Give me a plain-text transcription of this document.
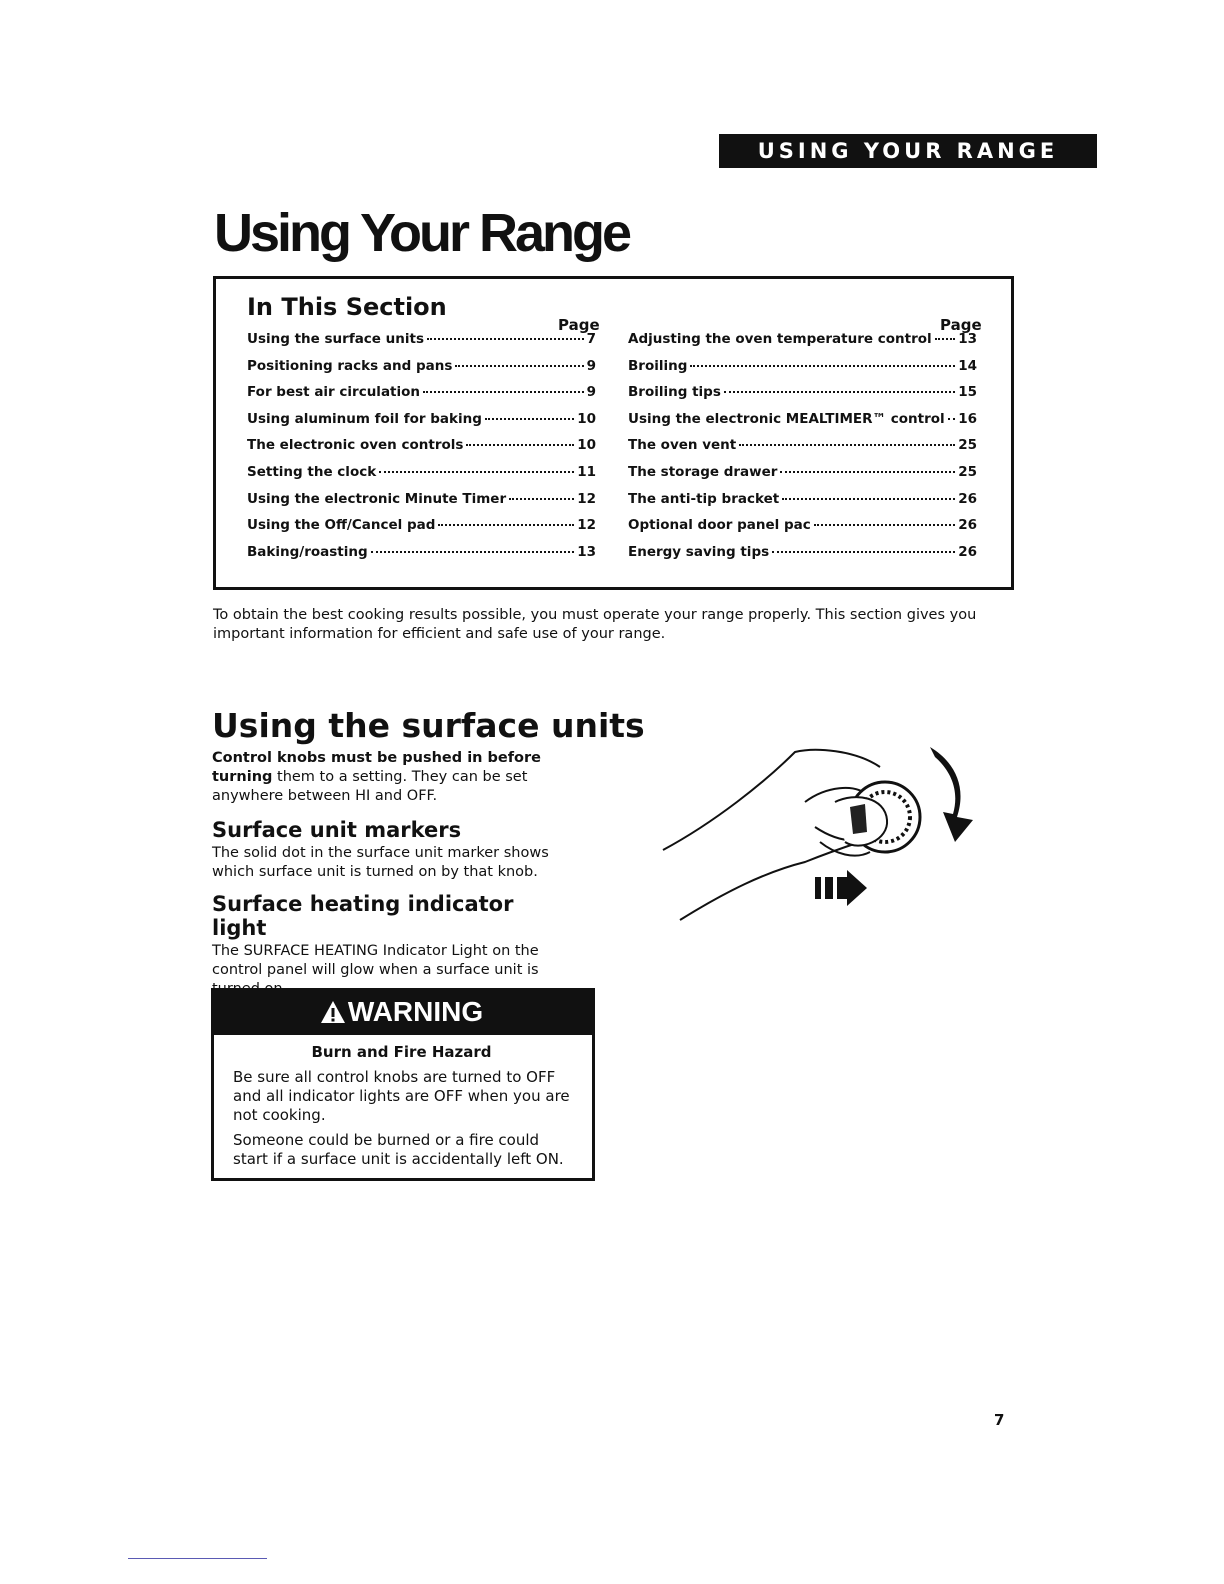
USING YOUR RANGE
Using Your Range
In This Section
Page	Page
Using the surface units	7
Positioning racks and pans	9
For best air circulation	9
Using aluminum foil for baking	10
The electronic oven controls	10
Setting the clock	11
Using the electronic Minute Timer	12
Using the Off/Cancel pad	12
Baking/roasting	13
Adjusting the oven temperature control 13
Broiling	14
Broiling tips	15
Using the electronic MEALTIMER™ control 16
The oven vent	25
The storage drawer	25
The anti-tip bracket	26
Optional door panel pac	26
Energy saving tips	26

To obtain the best cooking results possible, you must operate your range properly. This section gives you important information for efficient and safe use of your range.

Using the surface units

Control knobs must be pushed in before turning them to a setting. They can be set anywhere between HI and OFF.

Surface unit markers

The solid dot in the surface unit marker shows which surface unit is turned on by that knob.

Surface heating indicator light

The SURFACE HEATING Indicator Light on the control panel will glow when a surface unit is

WARNING
Burn and Fire Hazard

Be sure all control knobs are turned to OFF and all indicator lights are OFF when you are not cooking.

Someone could be burned or a fire could start if a surface unit is accidentally left ON.

7
